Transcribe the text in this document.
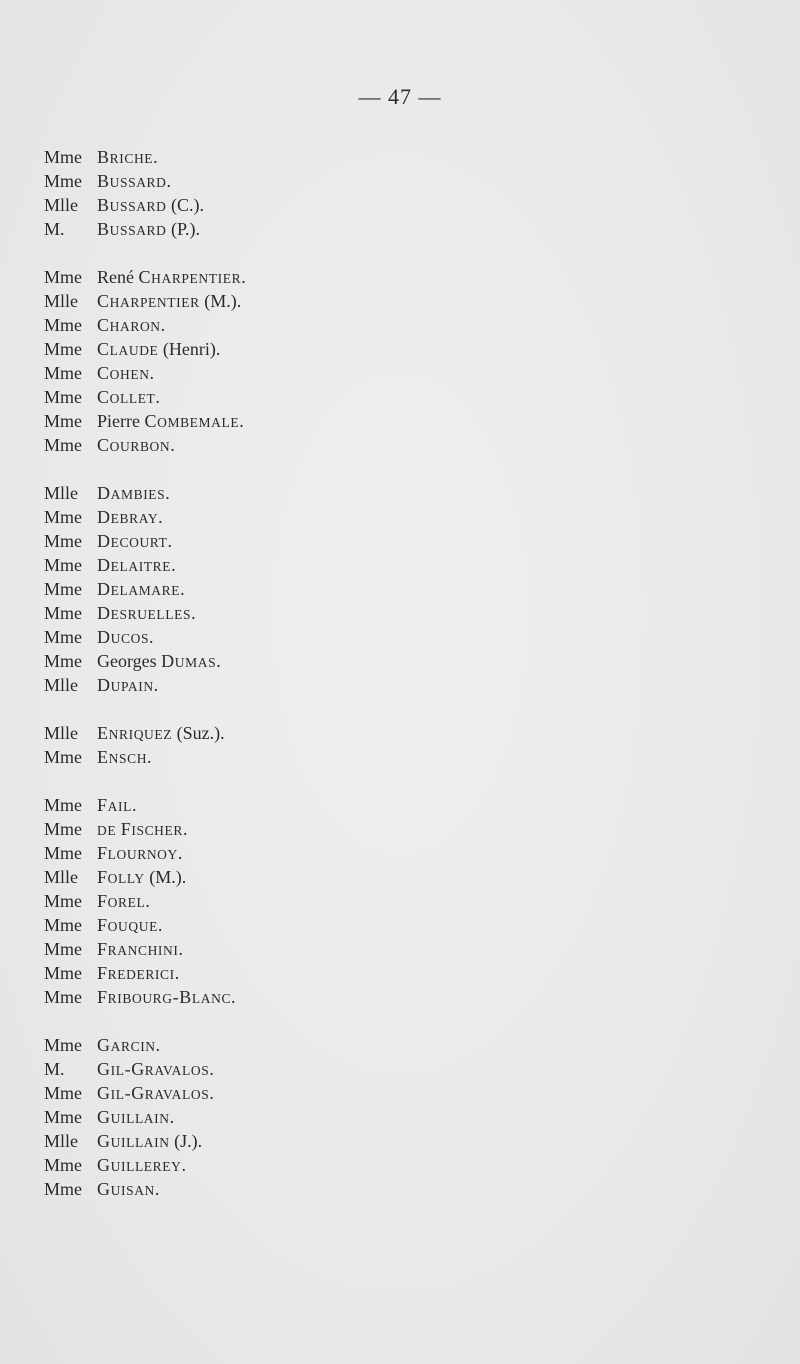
— 47 —
Mme BRICHE.
Mme BUSSARD.
Mlle	BUSSARD (C.).
M.	BUSSARD (P.).
Mme René CHARPENTIER.
Mlle	CHARPENTIER (M.).
Mme CHARON.
Mme CLAUDE (Henri).
Mme COHEN.
Mme COLLET.
Mme Pierre COMBEMALE.
Mme COURBON.
Mlle	DAMBIES.
Mme DEBRAY.
Mme DECOURT.
Mme DELAITRE.
Mme DELAMARE.
Mme DESRUELLES.
Mme DUCOS.
Mme Georges DUMAS.
Mlle	DUPAIN.
Mlle	ENRIQUEZ (Suz.).
Mme ENSCH.
Mme FAIL.
Mme	DE FISCHER.
Mme FLOURNOY.
Mlle	FOLLY (M.).
Mme FOREL.
Mme FOUQUE.
Mme FRANCHINI.
Mme FREDERICI.
Mme FRIBOURG-BLANC.
Mme GARCIN.
M.	GIL-GRAVALOS.
Mme GIL-GRAVALOS.
Mme GUILLAIN.
Mlle	GUILLAIN (J.).
Mme GUILLEREY.
Mme GUISAN.
